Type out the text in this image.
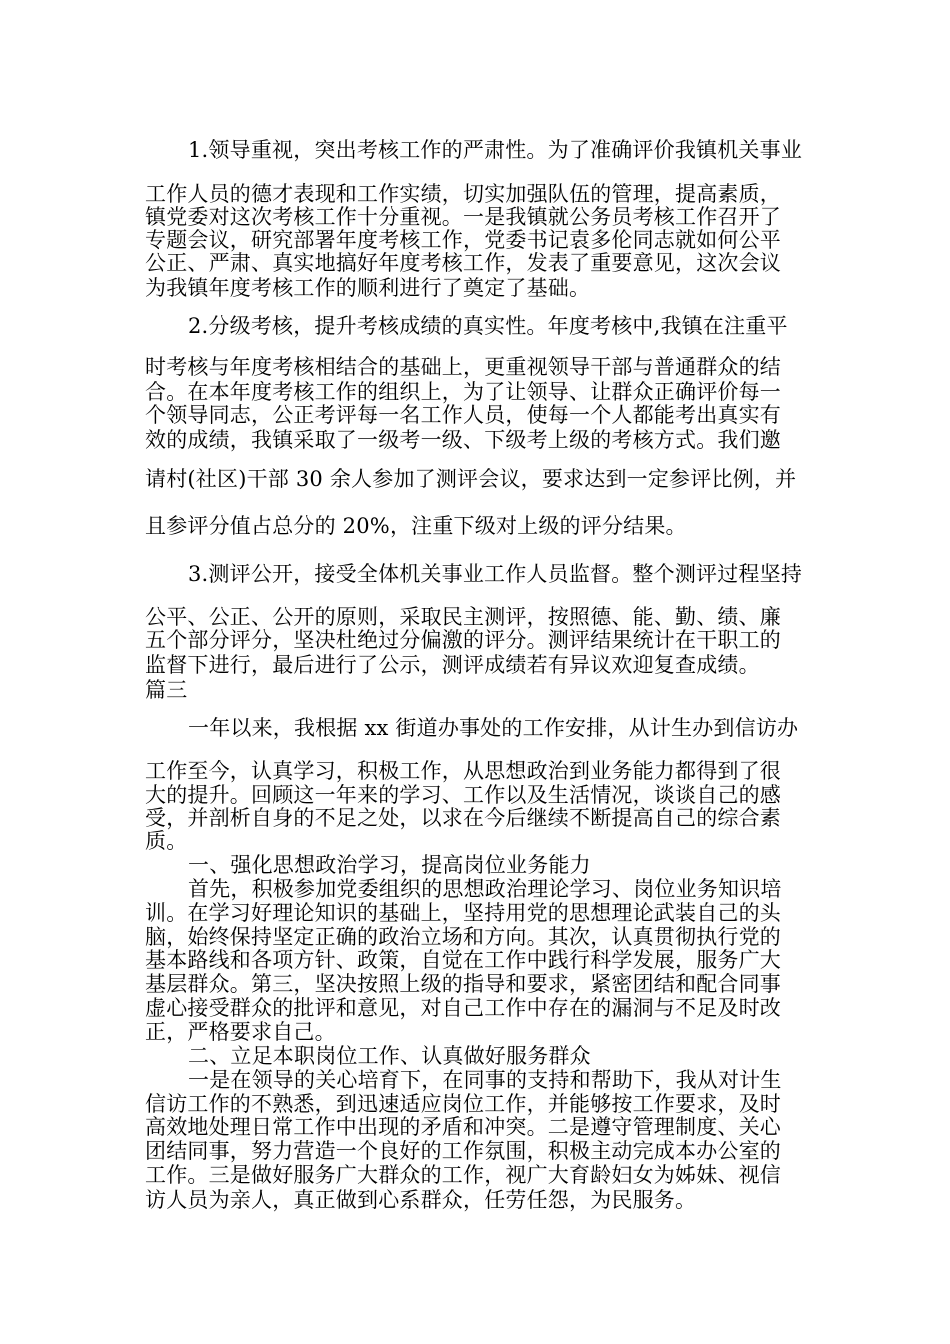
1.领导重视，突出考核工作的严肃性。为了准确评价我镇机关事业
工作人员的德才表现和工作实绩，切实加强队伍的管理，提高素质，
镇党委对这次考核工作十分重视。一是我镇就公务员考核工作召开了
专题会议，研究部署年度考核工作，党委书记袁多伦同志就如何公平
公正、严肃、真实地搞好年度考核工作，发表了重要意见，这次会议
为我镇年度考核工作的顺利进行了奠定了基础。
2.分级考核，提升考核成绩的真实性。年度考核中,我镇在注重平
时考核与年度考核相结合的基础上，更重视领导干部与普通群众的结
合。在本年度考核工作的组织上，为了让领导、让群众正确评价每一
个领导同志，公正考评每一名工作人员，使每一个人都能考出真实有
效的成绩，我镇采取了一级考一级、下级考上级的考核方式。我们邀
请村(社区)干部 30 余人参加了测评会议，要求达到一定参评比例，并
且参评分值占总分的 20%，注重下级对上级的评分结果。
3.测评公开，接受全体机关事业工作人员监督。整个测评过程坚持
公平、公正、公开的原则，采取民主测评，按照德、能、勤、绩、廉
五个部分评分，坚决杜绝过分偏激的评分。测评结果统计在干职工的
监督下进行，最后进行了公示，测评成绩若有异议欢迎复查成绩。
篇三
一年以来，我根据 xx 街道办事处的工作安排，从计生办到信访办
工作至今，认真学习，积极工作，从思想政治到业务能力都得到了很
大的提升。回顾这一年来的学习、工作以及生活情况，谈谈自己的感
受，并剖析自身的不足之处，以求在今后继续不断提高自己的综合素
质。
一、强化思想政治学习，提高岗位业务能力
首先，积极参加党委组织的思想政治理论学习、岗位业务知识培
训。在学习好理论知识的基础上，坚持用党的思想理论武装自己的头
脑，始终保持坚定正确的政治立场和方向。其次，认真贯彻执行党的
基本路线和各项方针、政策，自觉在工作中践行科学发展，服务广大
基层群众。第三，坚决按照上级的指导和要求，紧密团结和配合同事
虚心接受群众的批评和意见，对自己工作中存在的漏洞与不足及时改
正，严格要求自己。
二、立足本职岗位工作、认真做好服务群众
一是在领导的关心培育下，在同事的支持和帮助下，我从对计生
信访工作的不熟悉，到迅速适应岗位工作，并能够按工作要求，及时
高效地处理日常工作中出现的矛盾和冲突。二是遵守管理制度、关心
团结同事，努力营造一个良好的工作氛围，积极主动完成本办公室的
工作。三是做好服务广大群众的工作，视广大育龄妇女为姊妹、视信
访人员为亲人，真正做到心系群众，任劳任怨，为民服务。
